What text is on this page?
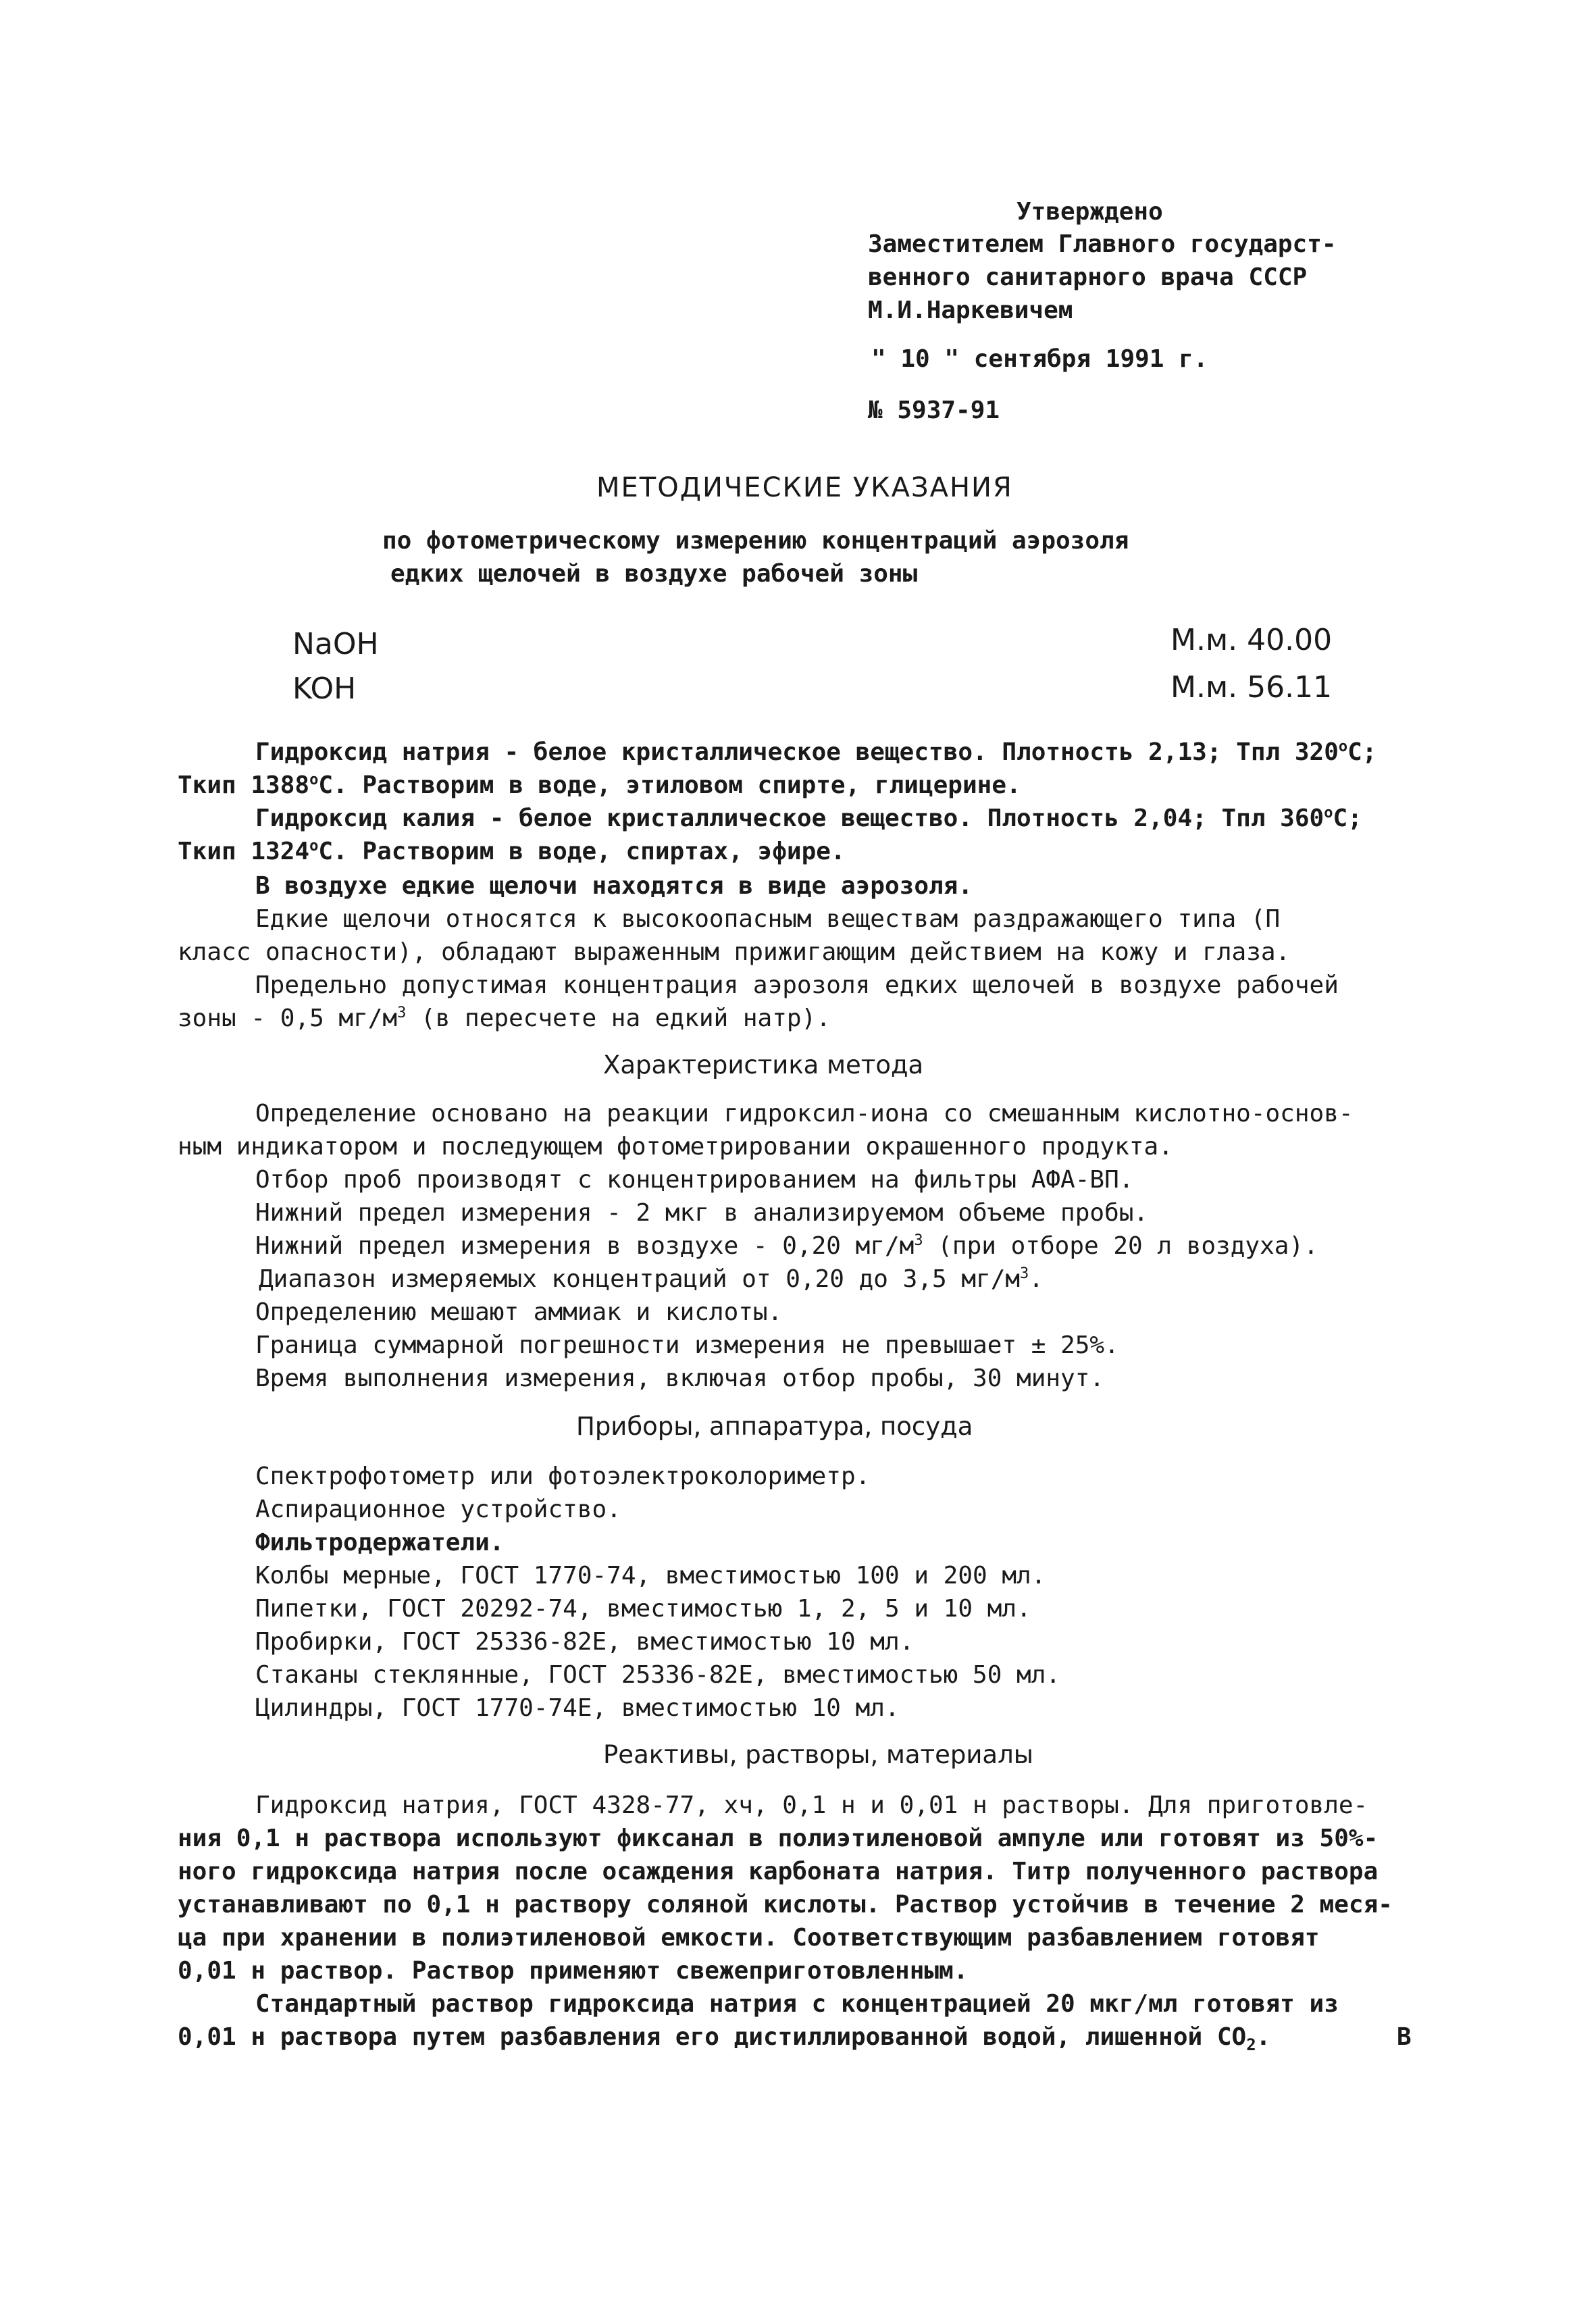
Утверждено
Заместителем Главного государст-
венного санитарного врача СССР
М.И.Наркевичем
" 10 " сентября 1991 г.
№ 5937-91
МЕТОДИЧЕСКИЕ УКАЗАНИЯ
по фотометрическому измерению концентраций аэрозоля
едких щелочей в воздухе рабочей зоны
NaOH	М.м. 40.00
KOH	М.м. 56.11
Гидроксид натрия - белое кристаллическое вещество. Плотность 2,13; Тпл $320^оС$;
Ткип $1388^оС$. Растворим в воде, этиловом спирте, глицерине.
Гидроксид калия - белое кристаллическое вещество. Плотность 2,04; Тпл $360^оС$;
Ткип $1324^оС$. Растворим в воде, спиртах, эфире.
В воздухе едкие щелочи находятся в виде аэрозоля.
Едкие щелочи относятся к высокоопасным веществам раздражающего типа (П
класс опасности), обладают выраженным прижигающим действием на кожу и глаза.
Предельно допустимая концентрация аэрозоля едких щелочей в воздухе рабочей
зоны - 0,5 $мг/м^3$ (в пересчете на едкий натр).
Характеристика метода
Определение основано на реакции гидроксил-иона со смешанным кислотно-основ-
ным индикатором и последующем фотометрировании окрашенного продукта.
Отбор проб производят с концентрированием на фильтры АФА-ВП.
Нижний предел измерения - 2 мкг в анализируемом объеме пробы.
Нижний предел измерения в воздухе - 0,20 $мг/м^3$ (при отборе 20 л воздуха).
Диапазон измеряемых концентраций от 0,20 до 3,5 $мг/м^3$.
Определению мешают аммиак и кислоты.
Граница суммарной погрешности измерения не превышает ± 25%.
Время выполнения измерения, включая отбор пробы, 30 минут.
Приборы, аппаратура, посуда
Спектрофотометр или фотоэлектроколориметр.
Аспирационное устройство.
Фильтродержатели.
Колбы мерные, ГОСТ 1770-74, вместимостью 100 и 200 мл.
Пипетки, ГОСТ 20292-74, вместимостью 1, 2, 5 и 10 мл.
Пробирки, ГОСТ 25336-82Е, вместимостью 10 мл.
Стаканы стеклянные, ГОСТ 25336-82Е, вместимостью 50 мл.
Цилиндры, ГОСТ 1770-74Е, вместимостью 10 мл.
Реактивы, растворы, материалы
Гидроксид натрия, ГОСТ 4328-77, хч, 0,1 н и 0,01 н растворы. Для приготовле-
ния 0,1 н раствора используют фиксанал в полиэтиленовой ампуле или готовят из 50%-
ного гидроксида натрия после осаждения карбоната натрия. Титр полученного раствора
устанавливают по 0,1 н раствору соляной кислоты. Раствор устойчив в течение 2 меся-
ца при хранении в полиэтиленовой емкости. Соответствующим разбавлением готовят
0,01 н раствор. Раствор применяют свежеприготовленным.
Стандартный раствор гидроксида натрия с концентрацией 20 мкг/мл готовят из
0,01 н раствора путем разбавления его дистиллированной водой, лишенной $СО_2$.	В
